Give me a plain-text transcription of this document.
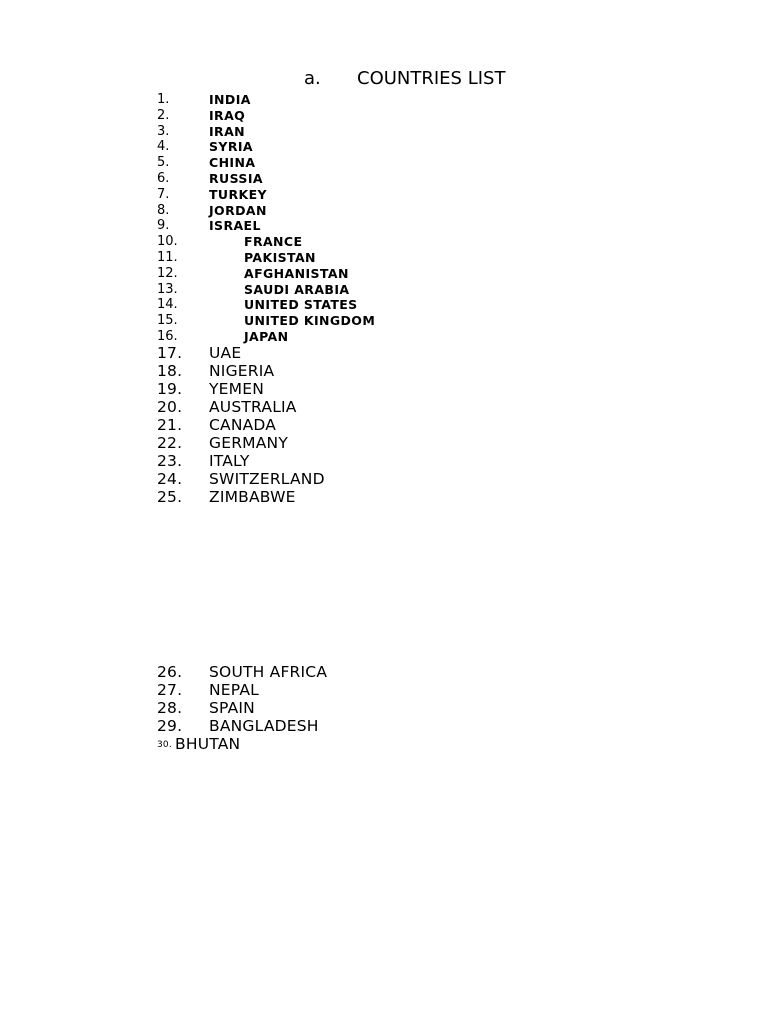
a. COUNTRIES LIST
1.	INDIA
2.	IRAQ
3.	IRAN
4.	SYRIA
5.	CHINA
6.	RUSSIA
7.	TURKEY
8.	JORDAN
9.	ISRAEL
10.	FRANCE
11.	PAKISTAN
12.	AFGHANISTAN
13.	SAUDI ARABIA
14.	UNITED STATES
15.	UNITED KINGDOM
16.	JAPAN
17. UAE
18. NIGERIA
19. YEMEN
20. AUSTRALIA
21. CANADA
22. GERMANY
23. ITALY
24. SWITZERLAND
25. ZIMBABWE
26. SOUTH AFRICA
27. NEPAL
28. SPAIN
29. BANGLADESH
30. BHUTAN
